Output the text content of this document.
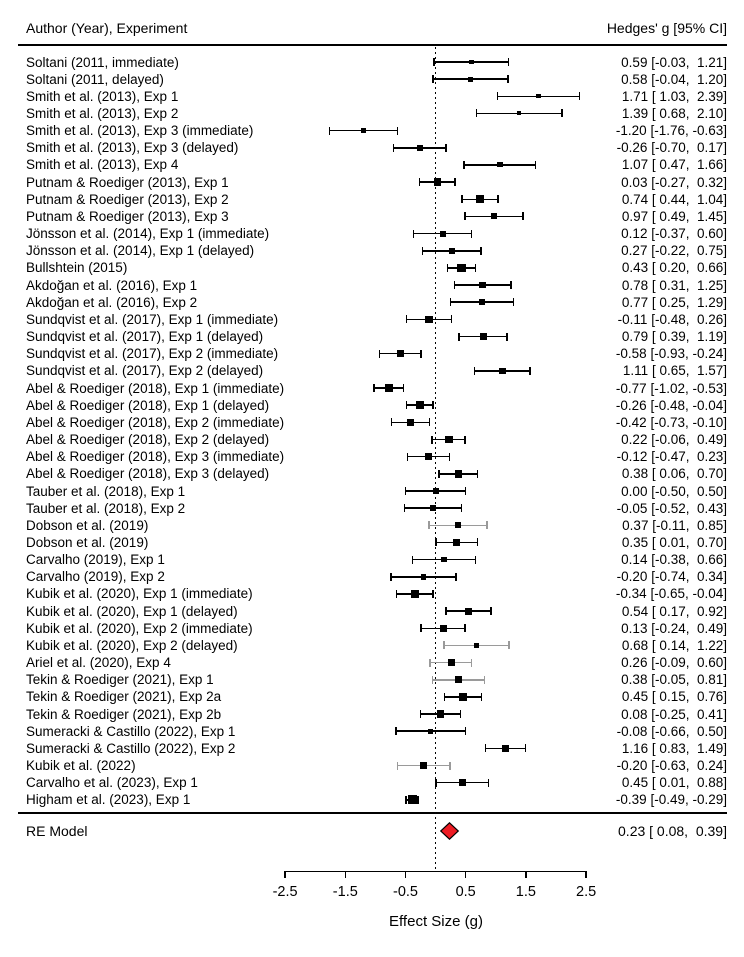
Author (Year), Experiment	Hedges' g [95% CI]
Soltani (2011, immediate)	0.59 [-0.03,  1.21]
Soltani (2011, delayed)	0.58 [-0.04,  1.20]
Smith et al. (2013), Exp 1	1.71 [ 1.03,  2.39]
Smith et al. (2013), Exp 2	1.39 [ 0.68,  2.10]
Smith et al. (2013), Exp 3 (immediate)	-1.20 [-1.76, -0.63]
Smith et al. (2013), Exp 3 (delayed)	-0.26 [-0.70,  0.17]
Smith et al. (2013), Exp 4	1.07 [ 0.47,  1.66]
Putnam & Roediger (2013), Exp 1	0.03 [-0.27,  0.32]
Putnam & Roediger (2013), Exp 2	0.74 [ 0.44,  1.04]
Putnam & Roediger (2013), Exp 3	0.97 [ 0.49,  1.45]
Jönsson et al. (2014), Exp 1 (immediate)	0.12 [-0.37,  0.60]
Jönsson et al. (2014), Exp 1 (delayed)	0.27 [-0.22,  0.75]
Bullshtein (2015)	0.43 [ 0.20,  0.66]
Akdoğan et al. (2016), Exp 1	0.78 [ 0.31,  1.25]
Akdoğan et al. (2016), Exp 2	0.77 [ 0.25,  1.29]
Sundqvist et al. (2017), Exp 1 (immediate)	-0.11 [-0.48,  0.26]
Sundqvist et al. (2017), Exp 1 (delayed)	0.79 [ 0.39,  1.19]
Sundqvist et al. (2017), Exp 2 (immediate)	-0.58 [-0.93, -0.24]
Sundqvist et al. (2017), Exp 2 (delayed)	1.11 [ 0.65,  1.57]
Abel & Roediger (2018), Exp 1 (immediate)	-0.77 [-1.02, -0.53]
Abel & Roediger (2018), Exp 1 (delayed)	-0.26 [-0.48, -0.04]
Abel & Roediger (2018), Exp 2 (immediate)	-0.42 [-0.73, -0.10]
Abel & Roediger (2018), Exp 2 (delayed)	0.22 [-0.06,  0.49]
Abel & Roediger (2018), Exp 3 (immediate)	-0.12 [-0.47,  0.23]
Abel & Roediger (2018), Exp 3 (delayed)	0.38 [ 0.06,  0.70]
Tauber et al. (2018), Exp 1	0.00 [-0.50,  0.50]
Tauber et al. (2018), Exp 2	-0.05 [-0.52,  0.43]
Dobson et al. (2019)	0.37 [-0.11,  0.85]
Dobson et al. (2019)	0.35 [ 0.01,  0.70]
Carvalho (2019), Exp 1	0.14 [-0.38,  0.66]
Carvalho (2019), Exp 2	-0.20 [-0.74,  0.34]
Kubik et al. (2020), Exp 1 (immediate)	-0.34 [-0.65, -0.04]
Kubik et al. (2020), Exp 1 (delayed)	0.54 [ 0.17,  0.92]
Kubik et al. (2020), Exp 2 (immediate)	0.13 [-0.24,  0.49]
Kubik et al. (2020), Exp 2 (delayed)	0.68 [ 0.14,  1.22]
Ariel et al. (2020), Exp 4	0.26 [-0.09,  0.60]
Tekin & Roediger (2021), Exp 1	0.38 [-0.05,  0.81]
Tekin & Roediger (2021), Exp 2a	0.45 [ 0.15,  0.76]
Tekin & Roediger (2021), Exp 2b	0.08 [-0.25,  0.41]
Sumeracki & Castillo (2022), Exp 1	-0.08 [-0.66,  0.50]
Sumeracki & Castillo (2022), Exp 2	1.16 [ 0.83,  1.49]
Kubik et al. (2022)	-0.20 [-0.63,  0.24]
Carvalho et al. (2023), Exp 1	0.45 [ 0.01,  0.88]
Higham et al. (2023), Exp 1	-0.39 [-0.49, -0.29]
RE Model	0.23 [ 0.08,  0.39]
-2.5	-1.5	-0.5	0.5	1.5	2.5
Effect Size (g)
